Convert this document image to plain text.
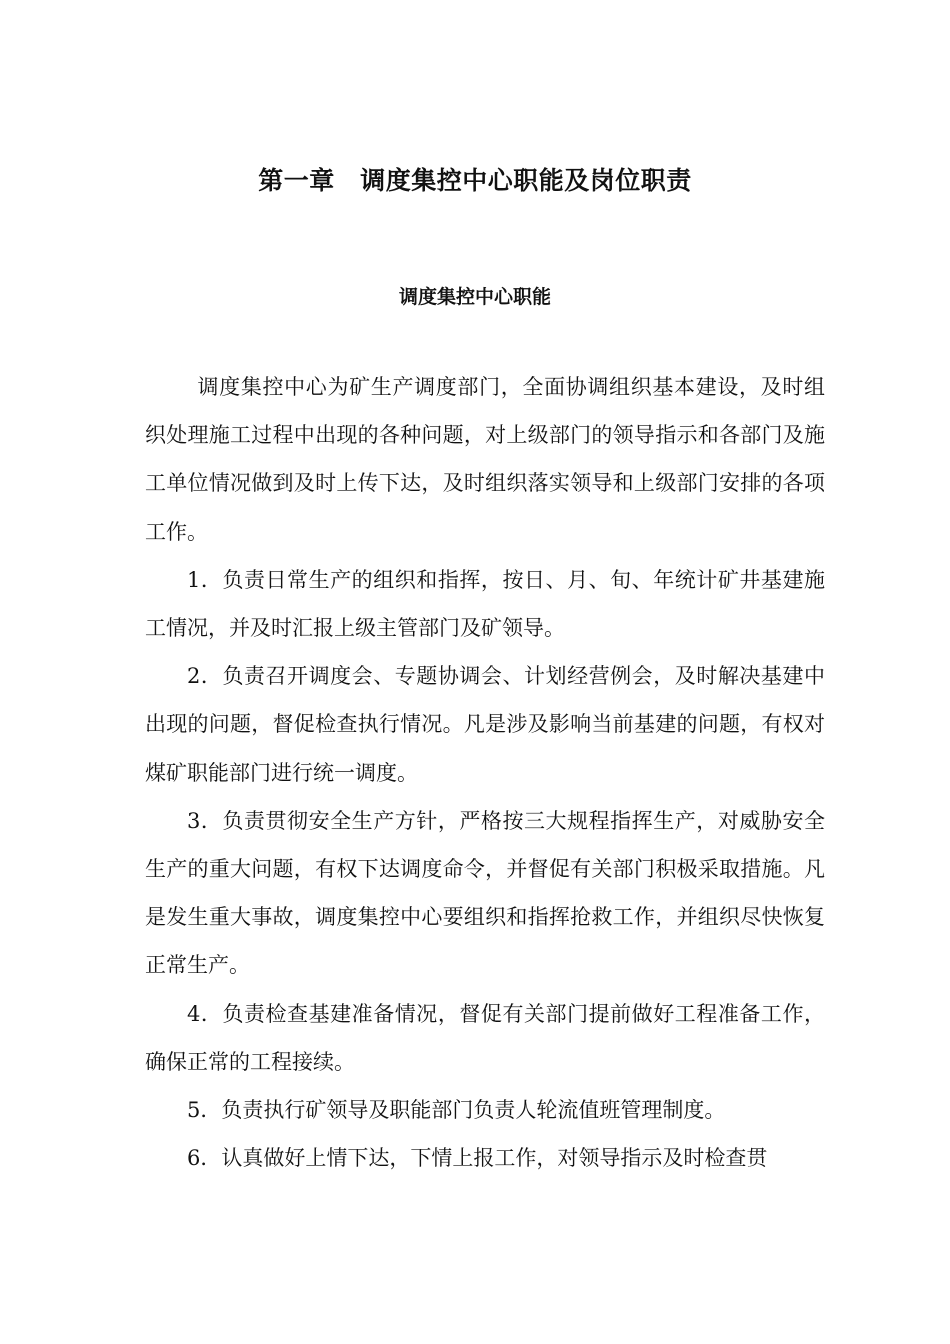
第一章　调度集控中心职能及岗位职责
调度集控中心职能

调度集控中心为矿生产调度部门，全面协调组织基本建设，及时组织处理施工过程中出现的各种问题，对上级部门的领导指示和各部门及施工单位情况做到及时上传下达，及时组织落实领导和上级部门安排的各项工作。

1．负责日常生产的组织和指挥，按日、月、旬、年统计矿井基建施工情况，并及时汇报上级主管部门及矿领导。

2．负责召开调度会、专题协调会、计划经营例会，及时解决基建中出现的问题，督促检查执行情况。凡是涉及影响当前基建的问题，有权对煤矿职能部门进行统一调度。

3．负责贯彻安全生产方针，严格按三大规程指挥生产，对威胁安全生产的重大问题，有权下达调度命令，并督促有关部门积极采取措施。凡是发生重大事故，调度集控中心要组织和指挥抢救工作，并组织尽快恢复正常生产。

4．负责检查基建准备情况，督促有关部门提前做好工程准备工作，确保正常的工程接续。

5．负责执行矿领导及职能部门负责人轮流值班管理制度。

6．认真做好上情下达，下情上报工作，对领导指示及时检查贯
